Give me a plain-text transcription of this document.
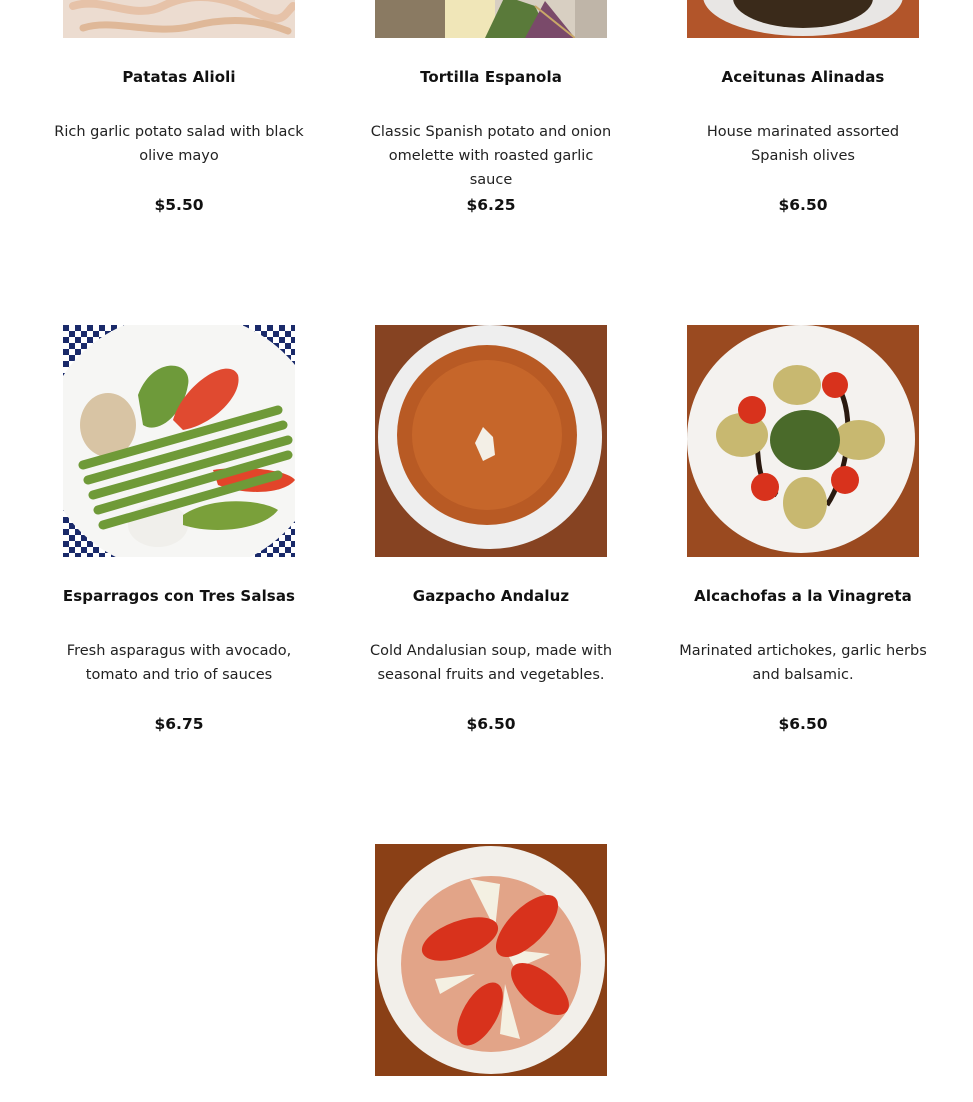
Patatas Alioli	Tortilla Espanola	Aceitunas Alinadas
Rich garlic potato salad with black olive mayo
Classic Spanish potato and onion omelette with roasted garlic sauce
House marinated assorted Spanish olives
$5.50	$6.25	$6.50
Esparragos con Tres Salsas	Gazpacho Andaluz	Alcachofas a la Vinagreta
Fresh asparagus with avocado, tomato and trio of sauces
Cold Andalusian soup, made with seasonal fruits and vegetables.
Marinated artichokes, garlic herbs and balsamic.
$6.75	$6.50	$6.50
